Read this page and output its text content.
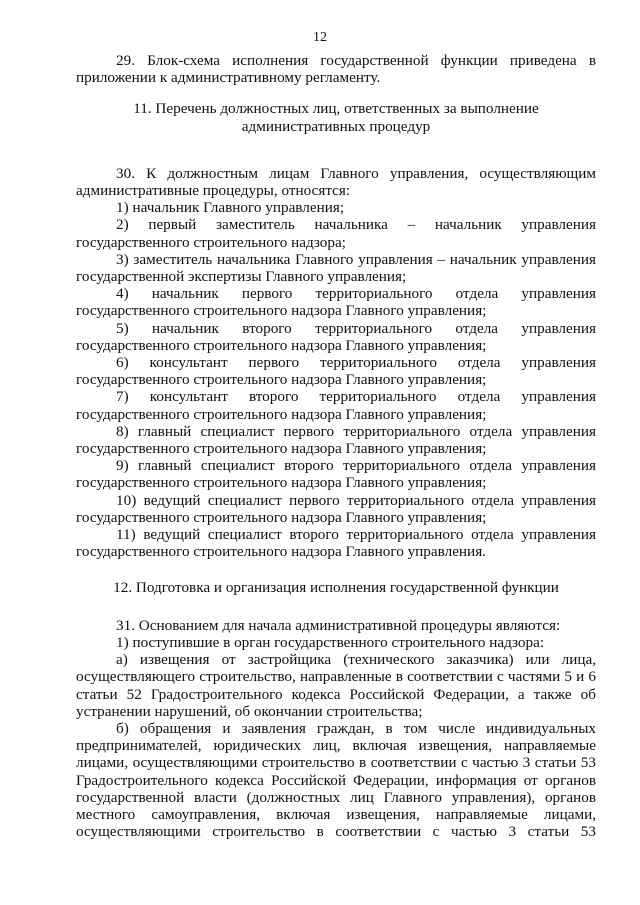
12

29. Блок-схема исполнения государственной функции приведена в

приложении к административному регламенту.

11. Перечень должностных лиц, ответственных за выполнение

административных процедур

30. К должностным лицам Главного управления, осуществляющим

административные процедуры, относятся:

1) начальник Главного управления;

2) первый заместитель начальника – начальник управления

государственного строительного надзора;

3) заместитель начальника Главного управления – начальник управления

государственной экспертизы Главного управления;

4) начальник первого территориального отдела управления

государственного строительного надзора Главного управления;

5) начальник второго территориального отдела управления

государственного строительного надзора Главного управления;

6) консультант первого территориального отдела управления

государственного строительного надзора Главного управления;

7) консультант второго территориального отдела управления

государственного строительного надзора Главного управления;

8) главный специалист первого территориального отдела управления

государственного строительного надзора Главного управления;

9) главный специалист второго территориального отдела управления

государственного строительного надзора Главного управления;

10) ведущий специалист первого территориального отдела управления

государственного строительного надзора Главного управления;

11) ведущий специалист второго территориального отдела управления

государственного строительного надзора Главного управления.

12. Подготовка и организация исполнения государственной функции

31. Основанием для начала административной процедуры являются:

1) поступившие в орган государственного строительного надзора:

а) извещения от застройщика (технического заказчика) или лица,

осуществляющего строительство, направленные в соответствии с частями 5 и 6

статьи 52 Градостроительного кодекса Российской Федерации, а также об

устранении нарушений, об окончании строительства;

б) обращения и заявления граждан, в том числе индивидуальных

предпринимателей, юридических лиц, включая извещения, направляемые

лицами, осуществляющими строительство в соответствии с частью 3 статьи 53

Градостроительного кодекса Российской Федерации, информация от органов

государственной власти (должностных лиц Главного управления), органов

местного самоуправления, включая извещения, направляемые лицами,

осуществляющими строительство в соответствии с частью 3 статьи 53
